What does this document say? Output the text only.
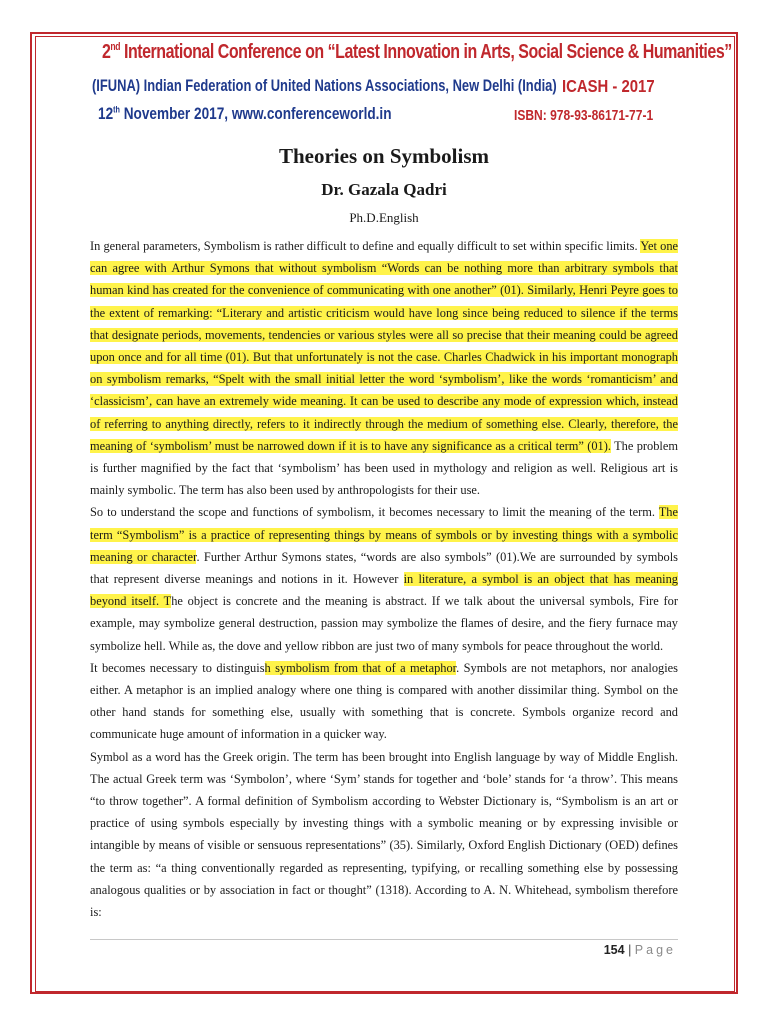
2nd International Conference on “Latest Innovation in Arts, Social Science & Humanities”
(IFUNA) Indian Federation of United Nations Associations, New Delhi (India) ICASH - 2017
12th November 2017, www.conferenceworld.in	ISBN: 978-93-86171-77-1
Theories on Symbolism
Dr. Gazala Qadri
Ph.D.English

In general parameters, Symbolism is rather difficult to define and equally difficult to set within specific limits. Yet one can agree with Arthur Symons that without symbolism “Words can be nothing more than arbitrary symbols that human kind has created for the convenience of communicating with one another” (01). Similarly, Henri Peyre goes to the extent of remarking: “Literary and artistic criticism would have long since being reduced to silence if the terms that designate periods, movements, tendencies or various styles were all so precise that their meaning could be agreed upon once and for all time (01). But that unfortunately is not the case. Charles Chadwick in his important monograph on symbolism remarks, “Spelt with the small initial letter the word ‘symbolism’, like the words ‘romanticism’ and ‘classicism’, can have an extremely wide meaning. It can be used to describe any mode of expression which, instead of referring to anything directly, refers to it indirectly through the medium of something else. Clearly, therefore, the meaning of ‘symbolism’ must be narrowed down if it is to have any significance as a critical term” (01). The problem is further magnified by the fact that ‘symbolism’ has been used in mythology and religion as well. Religious art is mainly symbolic. The term has also been used by anthropologists for their use.

So to understand the scope and functions of symbolism, it becomes necessary to limit the meaning of the term. The term “Symbolism” is a practice of representing things by means of symbols or by investing things with a symbolic meaning or character. Further Arthur Symons states, “words are also symbols” (01).We are surrounded by symbols that represent diverse meanings and notions in it. However in literature, a symbol is an object that has meaning beyond itself. The object is concrete and the meaning is abstract. If we talk about the universal symbols, Fire for example, may symbolize general destruction, passion may symbolize the flames of desire, and the fiery furnace may symbolize hell. While as, the dove and yellow ribbon are just two of many symbols for peace throughout the world.

It becomes necessary to distinguish symbolism from that of a metaphor. Symbols are not metaphors, nor analogies either. A metaphor is an implied analogy where one thing is compared with another dissimilar thing. Symbol on the other hand stands for something else, usually with something that is concrete. Symbols organize record and communicate huge amount of information in a quicker way.

Symbol as a word has the Greek origin. The term has been brought into English language by way of Middle English. The actual Greek term was ‘Symbolon’, where ‘Sym’ stands for together and ‘bole’ stands for ‘a throw’. This means “to throw together”. A formal definition of Symbolism according to Webster Dictionary is, “Symbolism is an art or practice of using symbols especially by investing things with a symbolic meaning or by expressing invisible or intangible by means of visible or sensuous representations” (35). Similarly, Oxford English Dictionary (OED) defines the term as: “a thing conventionally regarded as representing, typifying, or recalling something else by possessing analogous qualities or by association in fact or thought” (1318). According to A. N. Whitehead, symbolism therefore is:

154 | Page
